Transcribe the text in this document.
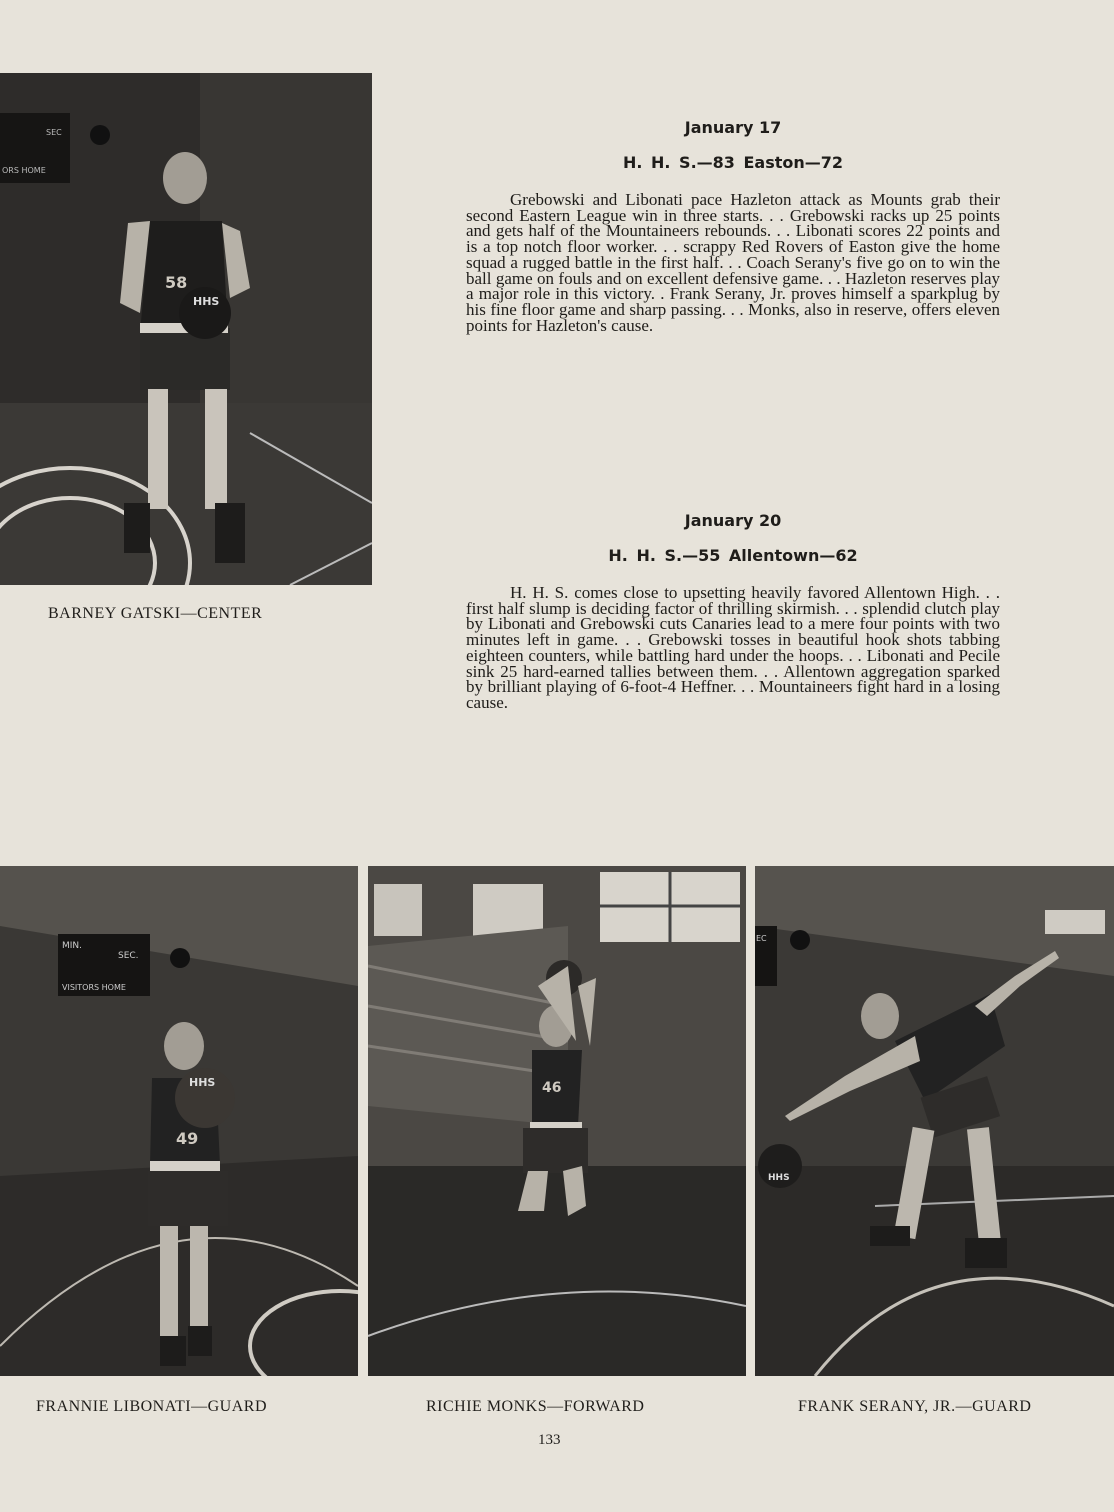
SEC
ORS HOME
HHS
58
BARNEY GATSKI—CENTER

January 17

H. H. S.—83 Easton—72

Grebowski and Libonati pace Hazleton attack as Mounts grab their second Eastern League win in three starts. . . Grebowski racks up 25 points and gets half of the Mountaineers rebounds. . . Libonati scores 22 points and is a top notch floor worker. . . scrappy Red Rovers of Easton give the home squad a rugged battle in the first half. . . Coach Serany's five go on to win the ball game on fouls and on excellent defensive game. . . Hazleton reserves play a major role in this victory. . Frank Serany, Jr. proves himself a sparkplug by his fine floor game and sharp passing. . . Monks, also in reserve, offers eleven points for Hazleton's cause.

January 20

H. H. S.—55 Allentown—62

H. H. S. comes close to upsetting heavily favored Allentown High. . . first half slump is deciding factor of thrilling skirmish. . . splendid clutch play by Libonati and Grebowski cuts Canaries lead to a mere four points with two minutes left in game. . . Grebowski tosses in beautiful hook shots tabbing eighteen counters, while battling hard under the hoops. . . Libonati and Pecile sink 25 hard-earned tallies between them. . . Allentown aggregation sparked by brilliant playing of 6-foot-4 Heffner. . . Mountaineers fight hard in a losing cause.

MIN.
SEC.
VISITORS HOME
HHS
49
FRANNIE LIBONATI—GUARD
46
RICHIE MONKS—FORWARD
EC
HHS
FRANK SERANY, JR.—GUARD
133
